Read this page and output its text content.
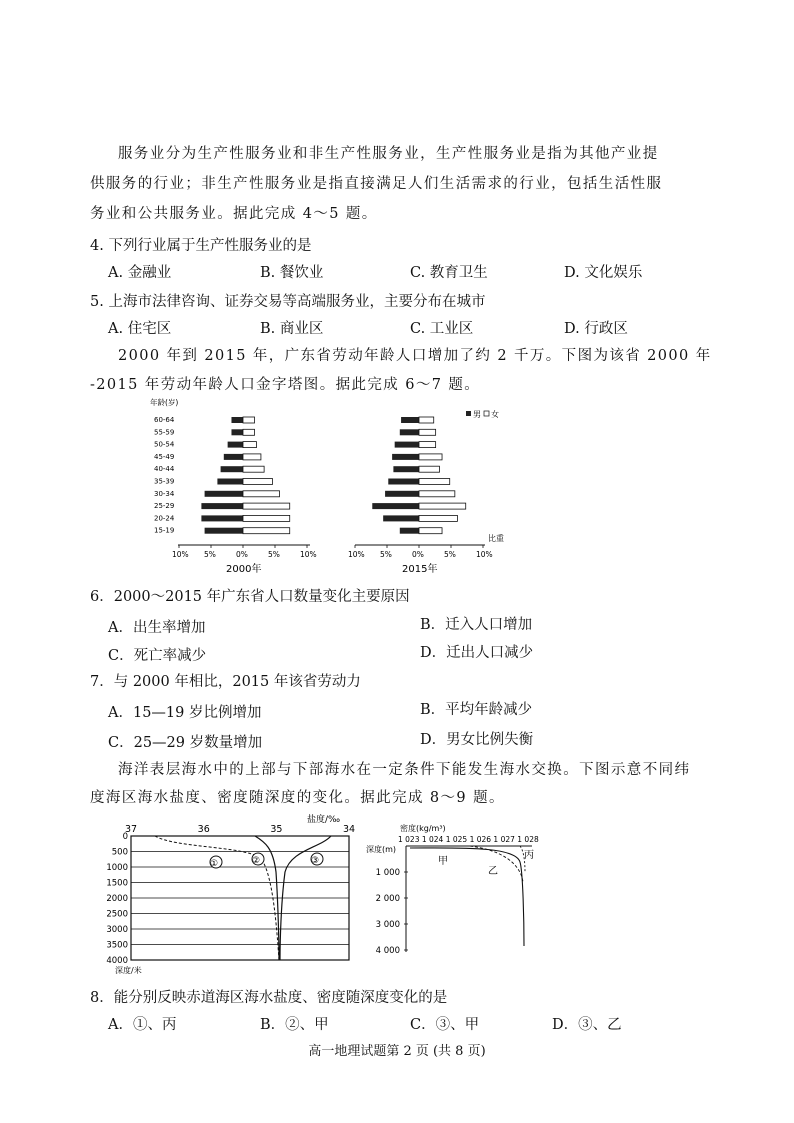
服务业分为生产性服务业和非生产性服务业，生产性服务业是指为其他产业提
供服务的行业；非生产性服务业是指直接满足人们生活需求的行业，包括生活性服
务业和公共服务业。据此完成 4～5 题。
4. 下列行业属于生产性服务业的是
A. 金融业	B. 餐饮业	C. 教育卫生	D. 文化娱乐
5. 上海市法律咨询、证券交易等高端服务业，主要分布在城市
A. 住宅区	B. 商业区	C. 工业区	D. 行政区
2000 年到 2015 年，广东省劳动年龄人口增加了约 2 千万。下图为该省 2000 年
-2015 年劳动年龄人口金字塔图。据此完成 6～7 题。
年龄(岁)
60-64
55-59
50-54
45-49
40-44
35-39
30-34
25-29
20-24
15-19
10% 5%	0%	5%	10%	10% 5%	0%	5%	10%
2000年	2015年
比重
男 女
6．2000～2015 年广东省人口数量变化主要原因
A．出生率增加	B．迁入人口增加
C．死亡率减少	D．迁出人口减少
7．与 2000 年相比，2015 年该省劳动力
A．15—19 岁比例增加	B．平均年龄减少
C．25—29 岁数量增加	D．男女比例失衡
海洋表层海水中的上部与下部海水在一定条件下能发生海水交换。下图示意不同纬
度海区海水盐度、密度随深度的变化。据此完成 8～9 题。
37	36	35	34
盐度/‰
0
500
1000
1500
2000
2500
3000
3500
4000
深度/米
①	②	③
密度(kg/m³)
1 023 1 024 1 025 1 026 1 027 1 028
深度(m)
1 000
2 000
3 000
4 000
甲
乙
丙
8．能分别反映赤道海区海水盐度、密度随深度变化的是
A．①、丙	B．②、甲	C．③、甲	D．③、乙
高一地理试题第 2 页 (共 8 页)
